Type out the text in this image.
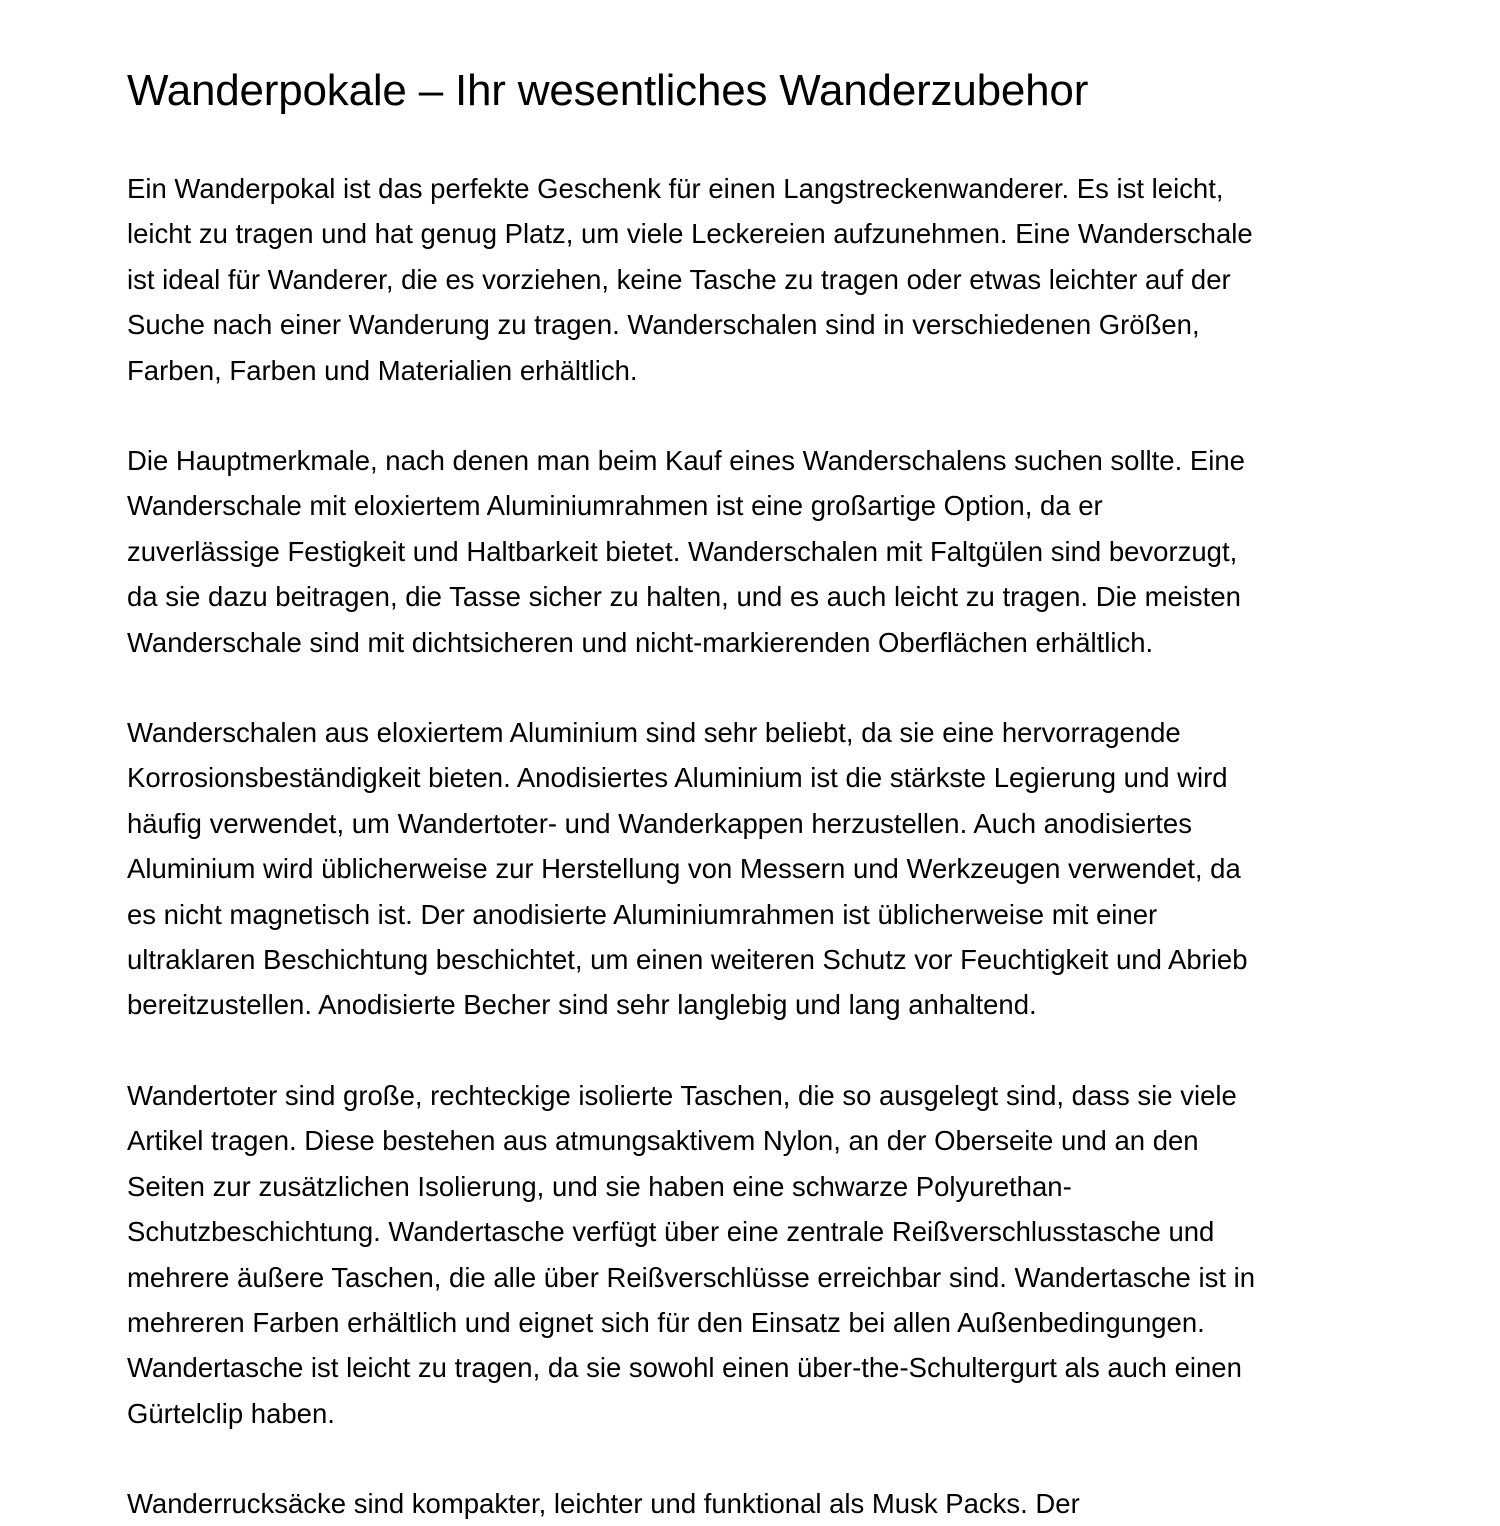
Wanderpokale – Ihr wesentliches Wanderzubehor

Ein Wanderpokal ist das perfekte Geschenk für einen Langstreckenwanderer. Es ist leicht,
leicht zu tragen und hat genug Platz, um viele Leckereien aufzunehmen. Eine Wanderschale
ist ideal für Wanderer, die es vorziehen, keine Tasche zu tragen oder etwas leichter auf der
Suche nach einer Wanderung zu tragen. Wanderschalen sind in verschiedenen Größen,
Farben, Farben und Materialien erhältlich.

Die Hauptmerkmale, nach denen man beim Kauf eines Wanderschalens suchen sollte. Eine
Wanderschale mit eloxiertem Aluminiumrahmen ist eine großartige Option, da er
zuverlässige Festigkeit und Haltbarkeit bietet. Wanderschalen mit Faltgülen sind bevorzugt,
da sie dazu beitragen, die Tasse sicher zu halten, und es auch leicht zu tragen. Die meisten
Wanderschale sind mit dichtsicheren und nicht-markierenden Oberflächen erhältlich.

Wanderschalen aus eloxiertem Aluminium sind sehr beliebt, da sie eine hervorragende
Korrosionsbeständigkeit bieten. Anodisiertes Aluminium ist die stärkste Legierung und wird
häufig verwendet, um Wandertoter- und Wanderkappen herzustellen. Auch anodisiertes
Aluminium wird üblicherweise zur Herstellung von Messern und Werkzeugen verwendet, da
es nicht magnetisch ist. Der anodisierte Aluminiumrahmen ist üblicherweise mit einer
ultraklaren Beschichtung beschichtet, um einen weiteren Schutz vor Feuchtigkeit und Abrieb
bereitzustellen. Anodisierte Becher sind sehr langlebig und lang anhaltend.

Wandertoter sind große, rechteckige isolierte Taschen, die so ausgelegt sind, dass sie viele
Artikel tragen. Diese bestehen aus atmungsaktivem Nylon, an der Oberseite und an den
Seiten zur zusätzlichen Isolierung, und sie haben eine schwarze Polyurethan-
Schutzbeschichtung. Wandertasche verfügt über eine zentrale Reißverschlusstasche und
mehrere äußere Taschen, die alle über Reißverschlüsse erreichbar sind. Wandertasche ist in
mehreren Farben erhältlich und eignet sich für den Einsatz bei allen Außenbedingungen.
Wandertasche ist leicht zu tragen, da sie sowohl einen über-the-Schultergurt als auch einen
Gürtelclip haben.

Wanderrucksäcke sind kompakter, leichter und funktional als Musk Packs. Der
